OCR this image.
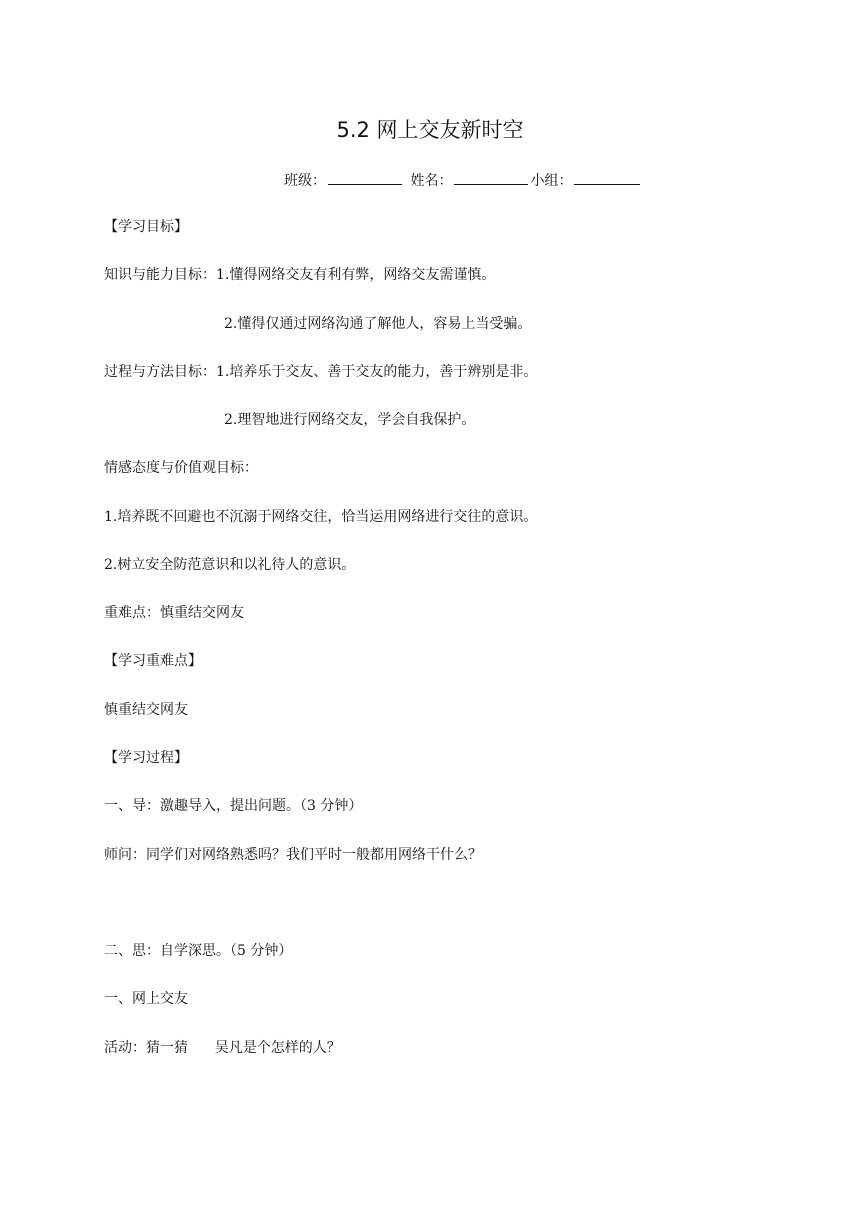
5.2 网上交友新时空
班级：	姓名：	小组：
【学习目标】
知识与能力目标：1.懂得网络交友有利有弊，网络交友需谨慎。
2.懂得仅通过网络沟通了解他人，容易上当受骗。
过程与方法目标：1.培养乐于交友、善于交友的能力，善于辨别是非。
2.理智地进行网络交友，学会自我保护。
情感态度与价值观目标：
1.培养既不回避也不沉溺于网络交往，恰当运用网络进行交往的意识。
2.树立安全防范意识和以礼待人的意识。
重难点：慎重结交网友
【学习重难点】
慎重结交网友
【学习过程】
一、导：激趣导入，提出问题。（3 分钟）
师问：同学们对网络熟悉吗？我们平时一般都用网络干什么？
二、思：自学深思。（5 分钟）
一、网上交友
活动：猜一猜      吴凡是个怎样的人？
